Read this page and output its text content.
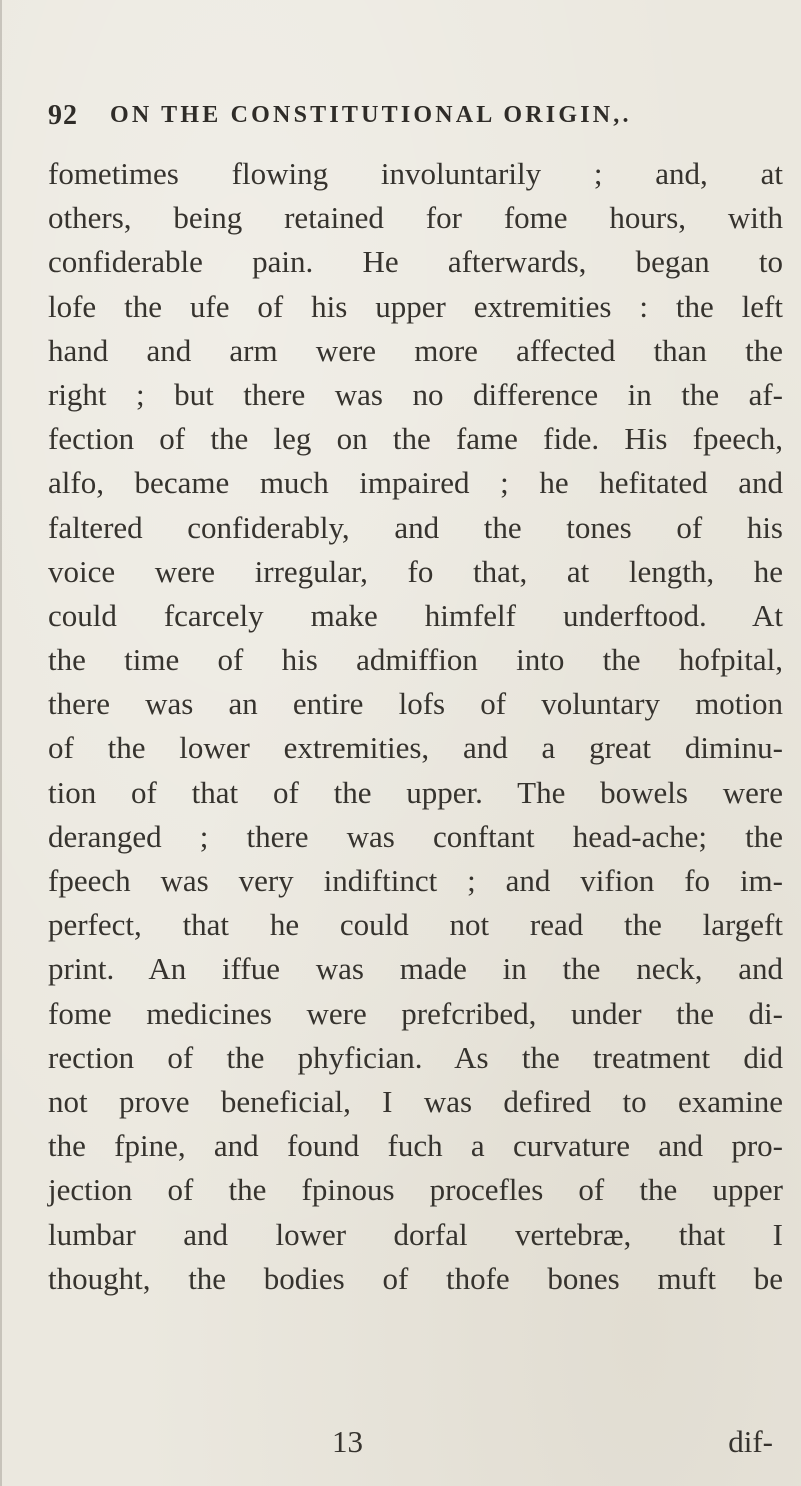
92 ON THE CONSTITUTIONAL ORIGIN,.
fometimes flowing involuntarily ; and, at
others, being retained for fome hours, with
confiderable pain. He afterwards, began to
lofe the ufe of his upper extremities : the left
hand and arm were more affected than the
right ; but there was no difference in the af-
fection of the leg on the fame fide. His fpeech,
alfo, became much impaired ; he hefitated and
faltered confiderably, and the tones of his
voice were irregular, fo that, at length, he
could fcarcely make himfelf underftood. At
the time of his admiffion into the hofpital,
there was an entire lofs of voluntary motion
of the lower extremities, and a great diminu-
tion of that of the upper. The bowels were
deranged ; there was conftant head-ache; the
fpeech was very indiftinct ; and vifion fo im-
perfect, that he could not read the largeft
print. An iffue was made in the neck, and
fome medicines were prefcribed, under the di-
rection of the phyfician. As the treatment did
not prove beneficial, I was defired to examine
the fpine, and found fuch a curvature and pro-
jection of the fpinous procefles of the upper
lumbar and lower dorfal vertebræ, that I
thought, the bodies of thofe bones muft be
13	dif-
